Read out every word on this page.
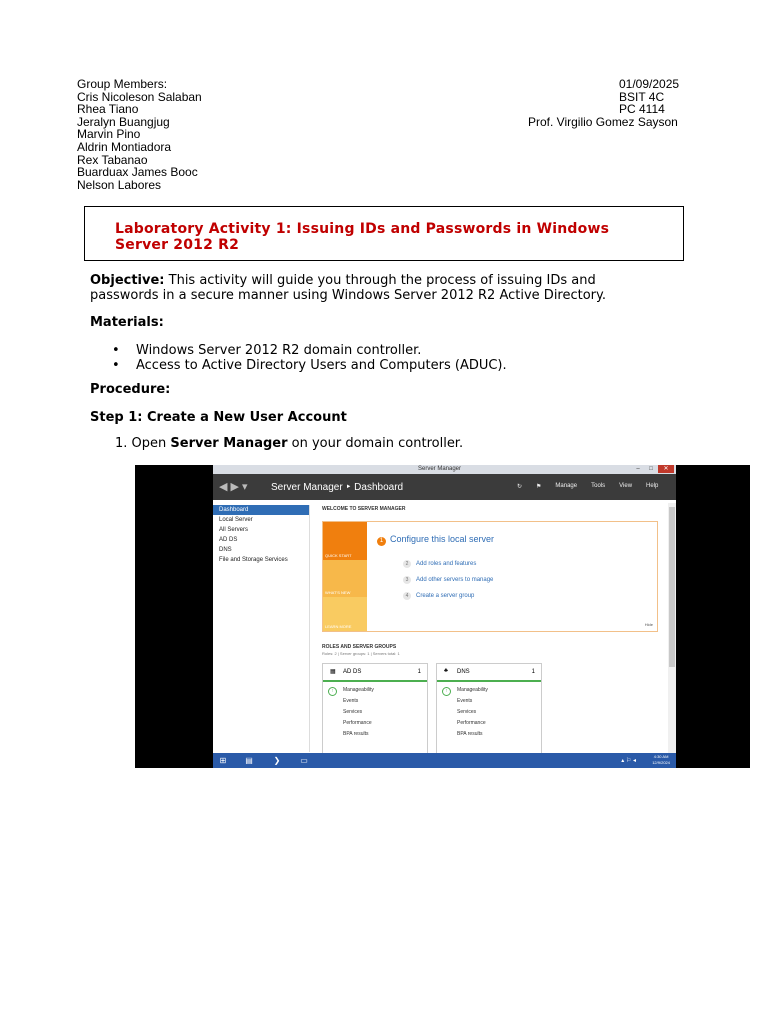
Group Members:
Cris Nicoleson Salaban
Rhea Tiano
Jeralyn Buangjug
Marvin Pino
Aldrin Montiadora
Rex Tabanao
Buarduax James Booc
Nelson Labores
01/09/2025
BSIT 4C
PC 4114
Prof. Virgilio Gomez Sayson
Laboratory Activity 1: Issuing IDs and Passwords in Windows Server 2012 R2
Objective: This activity will guide you through the process of issuing IDs and passwords in a secure manner using Windows Server 2012 R2 Active Directory.
Materials:
• Windows Server 2012 R2 domain controller.
• Access to Active Directory Users and Computers (ADUC).
Procedure:
Step 1: Create a New User Account
1. Open Server Manager on your domain controller.
Server Manager	–	□	✕
◀ ▶ ▾ Server Manager ‣ Dashboard	↻ ⚑ Manage Tools View Help
Dashboard
Local Server
All Servers
AD DS
DNS
File and Storage Services
WELCOME TO SERVER MANAGER
QUICK START
WHAT'S NEW
LEARN MORE
1 Configure this local server
2 Add roles and features
3 Add other servers to manage
4 Create a server group
Hide
ROLES AND SERVER GROUPS
Roles: 2 | Server groups: 1 | Servers total: 1
▦ AD DS	1
↑	Manageability
Events
Services
Performance
BPA results
♣ DNS	1
↑	Manageability
Events
Services
Performance
BPA results
⊞	▤	❯	▭	▴ ⚐ ◂
4:30 AM
12/9/2024
